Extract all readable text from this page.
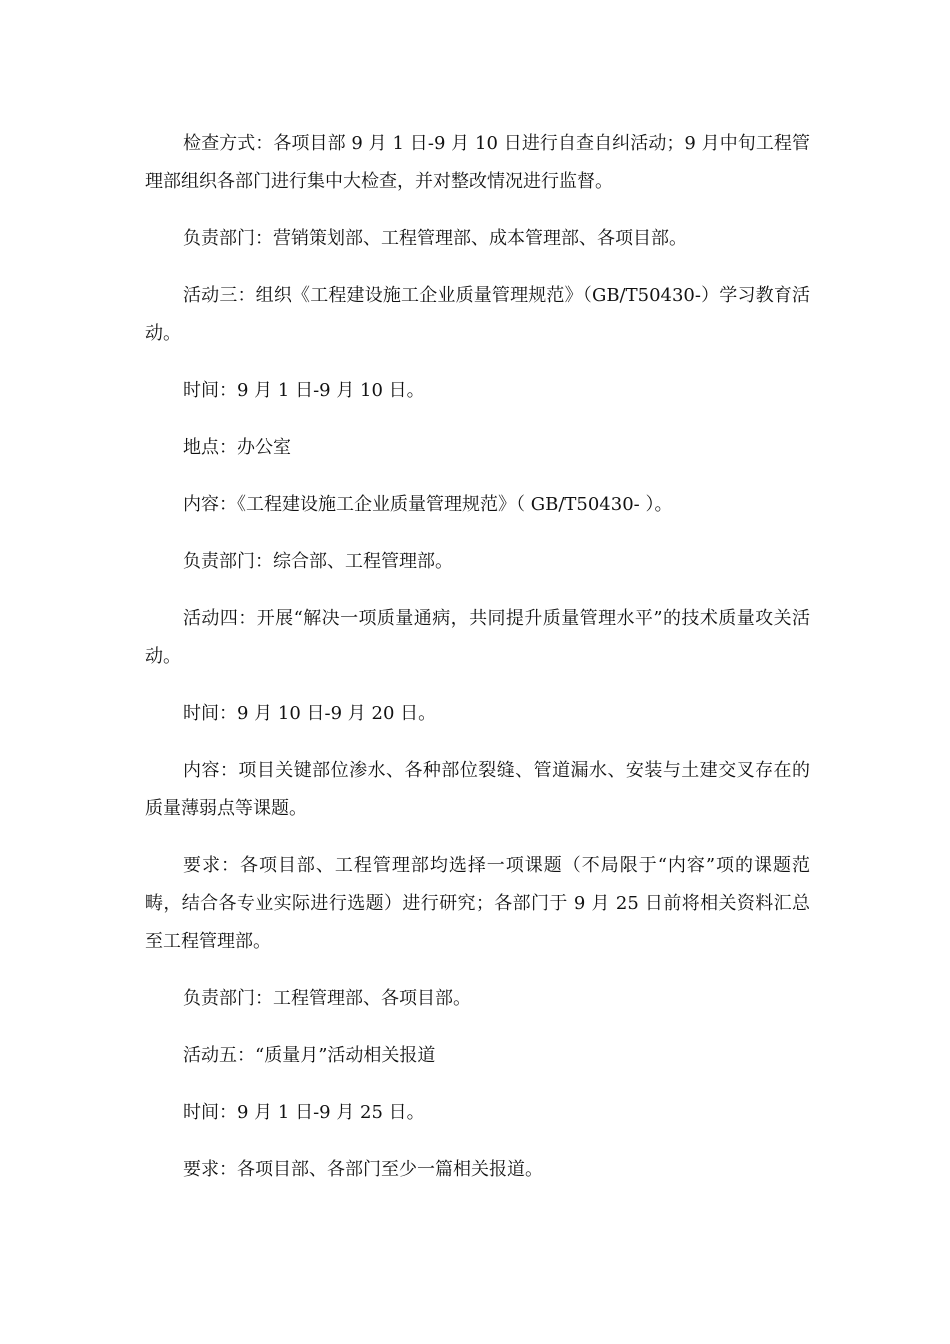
检查方式：各项目部 9 月 1 日-9 月 10 日进行自查自纠活动；9 月中旬工程管理部组织各部门进行集中大检查，并对整改情况进行监督。

负责部门：营销策划部、工程管理部、成本管理部、各项目部。

活动三：组织《工程建设施工企业质量管理规范》（GB/T50430-）学习教育活动。

时间：9 月 1 日-9 月 10 日。

地点：办公室

内容：《工程建设施工企业质量管理规范》（ GB/T50430- ）。

负责部门：综合部、工程管理部。

活动四：开展“解决一项质量通病，共同提升质量管理水平”的技术质量攻关活动。

时间：9 月 10 日-9 月 20 日。

内容：项目关键部位渗水、各种部位裂缝、管道漏水、安装与土建交叉存在的质量薄弱点等课题。

要求：各项目部、工程管理部均选择一项课题（不局限于“内容”项的课题范畴，结合各专业实际进行选题）进行研究；各部门于 9 月 25 日前将相关资料汇总至工程管理部。

负责部门：工程管理部、各项目部。

活动五：“质量月”活动相关报道

时间：9 月 1 日-9 月 25 日。

要求：各项目部、各部门至少一篇相关报道。
